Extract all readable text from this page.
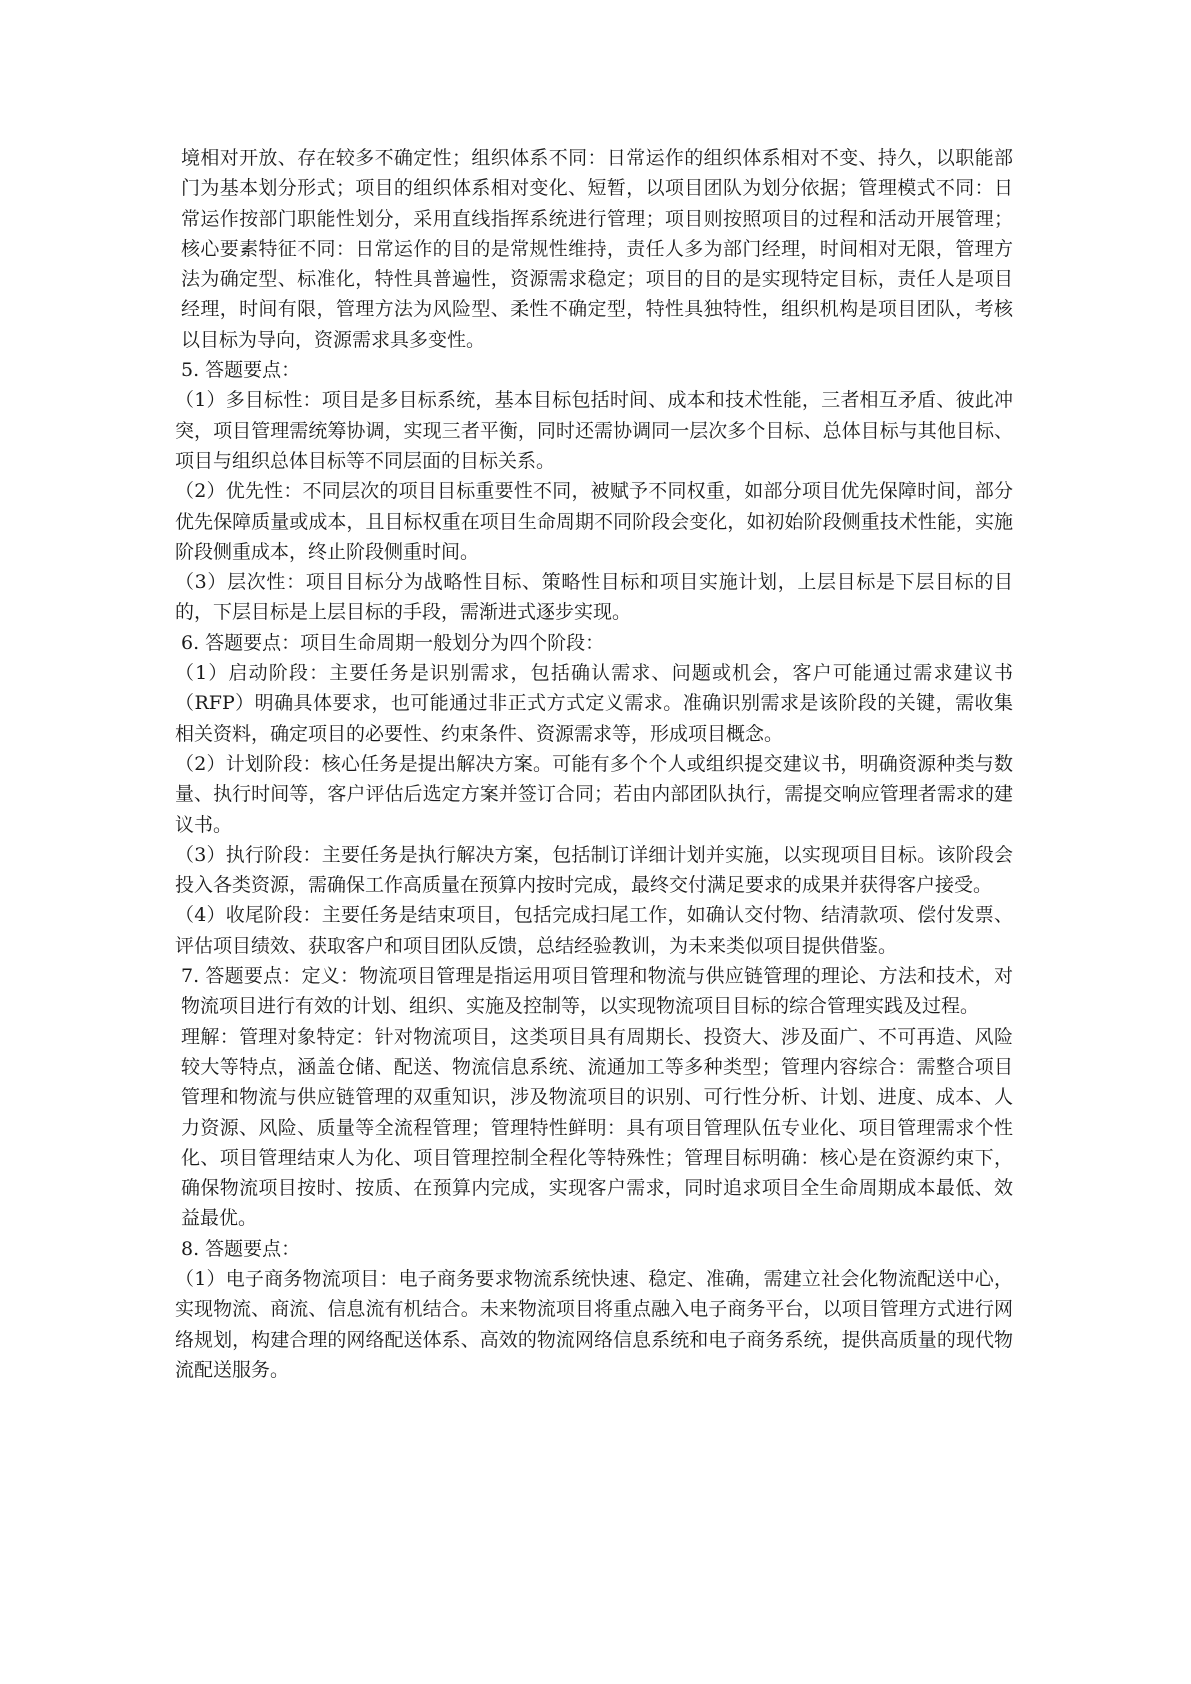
境相对开放、存在较多不确定性；组织体系不同：日常运作的组织体系相对不变、持久，以职能部门为基本划分形式；项目的组织体系相对变化、短暂，以项目团队为划分依据；管理模式不同：日常运作按部门职能性划分，采用直线指挥系统进行管理；项目则按照项目的过程和活动开展管理；核心要素特征不同：日常运作的目的是常规性维持，责任人多为部门经理，时间相对无限，管理方法为确定型、标准化，特性具普遍性，资源需求稳定；项目的目的是实现特定目标，责任人是项目经理，时间有限，管理方法为风险型、柔性不确定型，特性具独特性，组织机构是项目团队，考核以目标为导向，资源需求具多变性。

5. 答题要点：

（1）多目标性：项目是多目标系统，基本目标包括时间、成本和技术性能，三者相互矛盾、彼此冲突，项目管理需统筹协调，实现三者平衡，同时还需协调同一层次多个目标、总体目标与其他目标、项目与组织总体目标等不同层面的目标关系。

（2）优先性：不同层次的项目目标重要性不同，被赋予不同权重，如部分项目优先保障时间，部分优先保障质量或成本，且目标权重在项目生命周期不同阶段会变化，如初始阶段侧重技术性能，实施阶段侧重成本，终止阶段侧重时间。

（3）层次性：项目目标分为战略性目标、策略性目标和项目实施计划，上层目标是下层目标的目的，下层目标是上层目标的手段，需渐进式逐步实现。

6. 答题要点：项目生命周期一般划分为四个阶段：

（1）启动阶段：主要任务是识别需求，包括确认需求、问题或机会，客户可能通过需求建议书（RFP）明确具体要求，也可能通过非正式方式定义需求。准确识别需求是该阶段的关键，需收集相关资料，确定项目的必要性、约束条件、资源需求等，形成项目概念。

（2）计划阶段：核心任务是提出解决方案。可能有多个个人或组织提交建议书，明确资源种类与数量、执行时间等，客户评估后选定方案并签订合同；若由内部团队执行，需提交响应管理者需求的建议书。

（3）执行阶段：主要任务是执行解决方案，包括制订详细计划并实施，以实现项目目标。该阶段会投入各类资源，需确保工作高质量在预算内按时完成，最终交付满足要求的成果并获得客户接受。

（4）收尾阶段：主要任务是结束项目，包括完成扫尾工作，如确认交付物、结清款项、偿付发票、评估项目绩效、获取客户和项目团队反馈，总结经验教训，为未来类似项目提供借鉴。

7. 答题要点：定义：物流项目管理是指运用项目管理和物流与供应链管理的理论、方法和技术，对物流项目进行有效的计划、组织、实施及控制等，以实现物流项目目标的综合管理实践及过程。

理解：管理对象特定：针对物流项目，这类项目具有周期长、投资大、涉及面广、不可再造、风险较大等特点，涵盖仓储、配送、物流信息系统、流通加工等多种类型；管理内容综合：需整合项目管理和物流与供应链管理的双重知识，涉及物流项目的识别、可行性分析、计划、进度、成本、人力资源、风险、质量等全流程管理；管理特性鲜明：具有项目管理队伍专业化、项目管理需求个性化、项目管理结束人为化、项目管理控制全程化等特殊性；管理目标明确：核心是在资源约束下，确保物流项目按时、按质、在预算内完成，实现客户需求，同时追求项目全生命周期成本最低、效益最优。

8. 答题要点：

（1）电子商务物流项目：电子商务要求物流系统快速、稳定、准确，需建立社会化物流配送中心，实现物流、商流、信息流有机结合。未来物流项目将重点融入电子商务平台，以项目管理方式进行网络规划，构建合理的网络配送体系、高效的物流网络信息系统和电子商务系统，提供高质量的现代物流配送服务。
